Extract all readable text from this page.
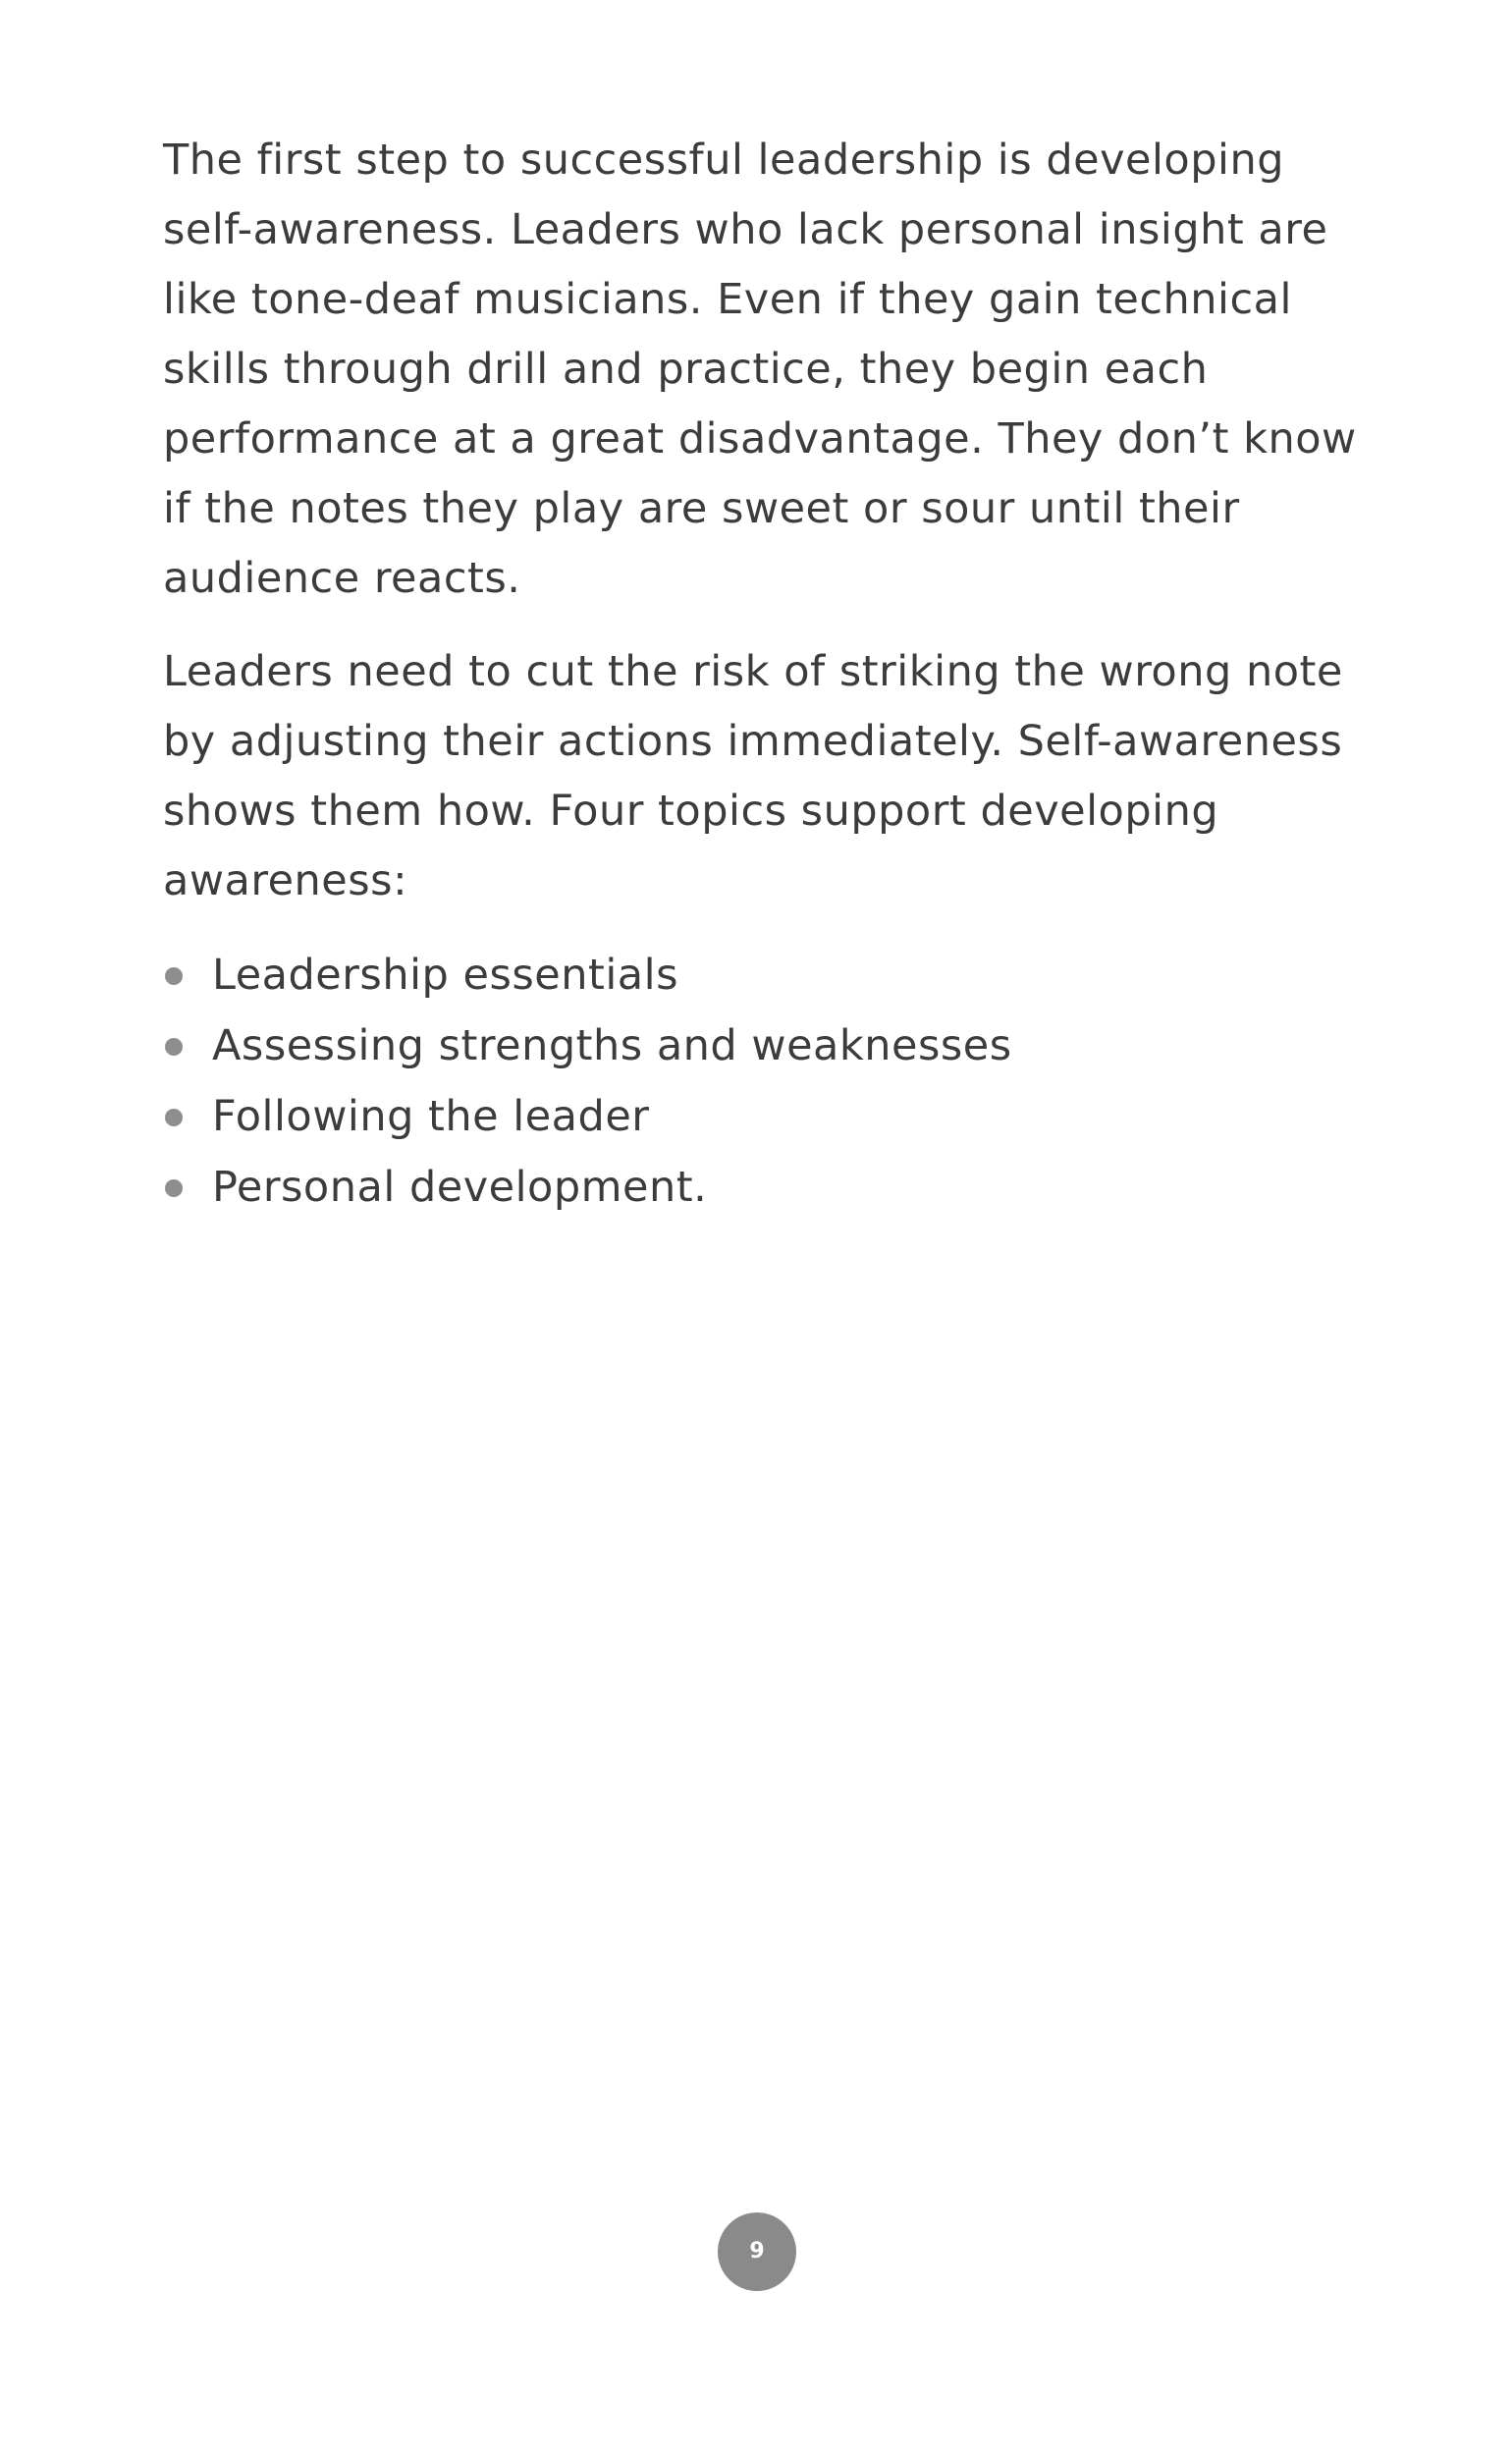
The first step to successful leadership is developing self-awareness. Leaders who lack personal insight are like tone-deaf musicians. Even if they gain technical skills through drill and practice, they begin each performance at a great disadvantage. They don’t know if the notes they play are sweet or sour until their audience reacts.

Leaders need to cut the risk of striking the wrong note by adjusting their actions immediately. Self-awareness shows them how. Four topics support developing awareness:

Leadership essentials
Assessing strengths and weaknesses
Following the leader
Personal development.
9
